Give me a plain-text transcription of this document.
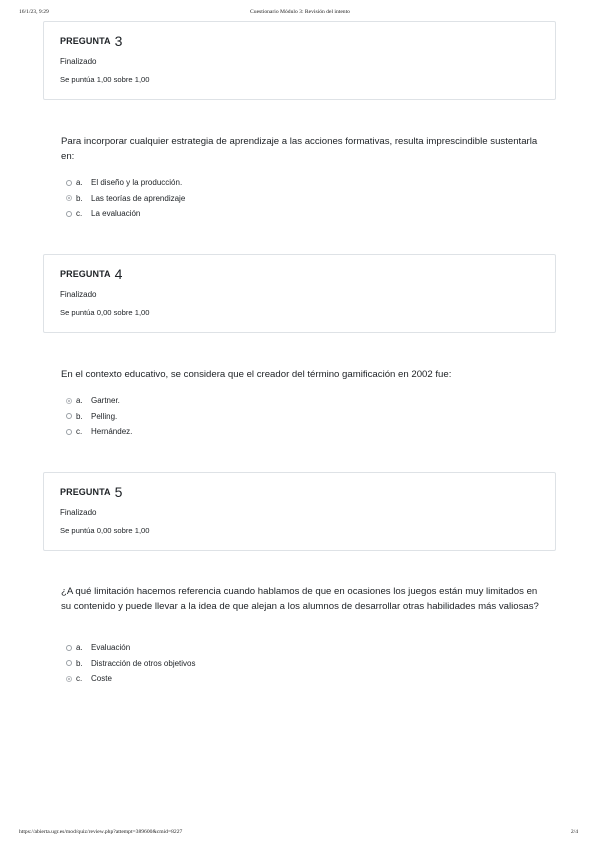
16/1/23, 9:29	Cuestionario Módulo 3: Revisión del intento
PREGUNTA 3
Finalizado
Se puntúa 1,00 sobre 1,00
Para incorporar cualquier estrategia de aprendizaje a las acciones formativas, resulta imprescindible sustentarla en:
a.	El diseño y la producción.
b.	Las teorías de aprendizaje
c.	La evaluación
PREGUNTA 4
Finalizado
Se puntúa 0,00 sobre 1,00
En el contexto educativo, se considera que el creador del término gamificación en 2002 fue:
a.	Gartner.
b.	Pelling.
c.	Hernández.
PREGUNTA 5
Finalizado
Se puntúa 0,00 sobre 1,00
¿A qué limitación hacemos referencia cuando hablamos de que en ocasiones los juegos están muy limitados en su contenido y puede llevar a la idea de que alejan a los alumnos de desarrollar otras habilidades más valiosas?
a.	Evaluación
b.	Distracción de otros objetivos
c.	Coste
https://abierta.ugr.es/mod/quiz/review.php?attempt=389600&cmid=8227	2/4
